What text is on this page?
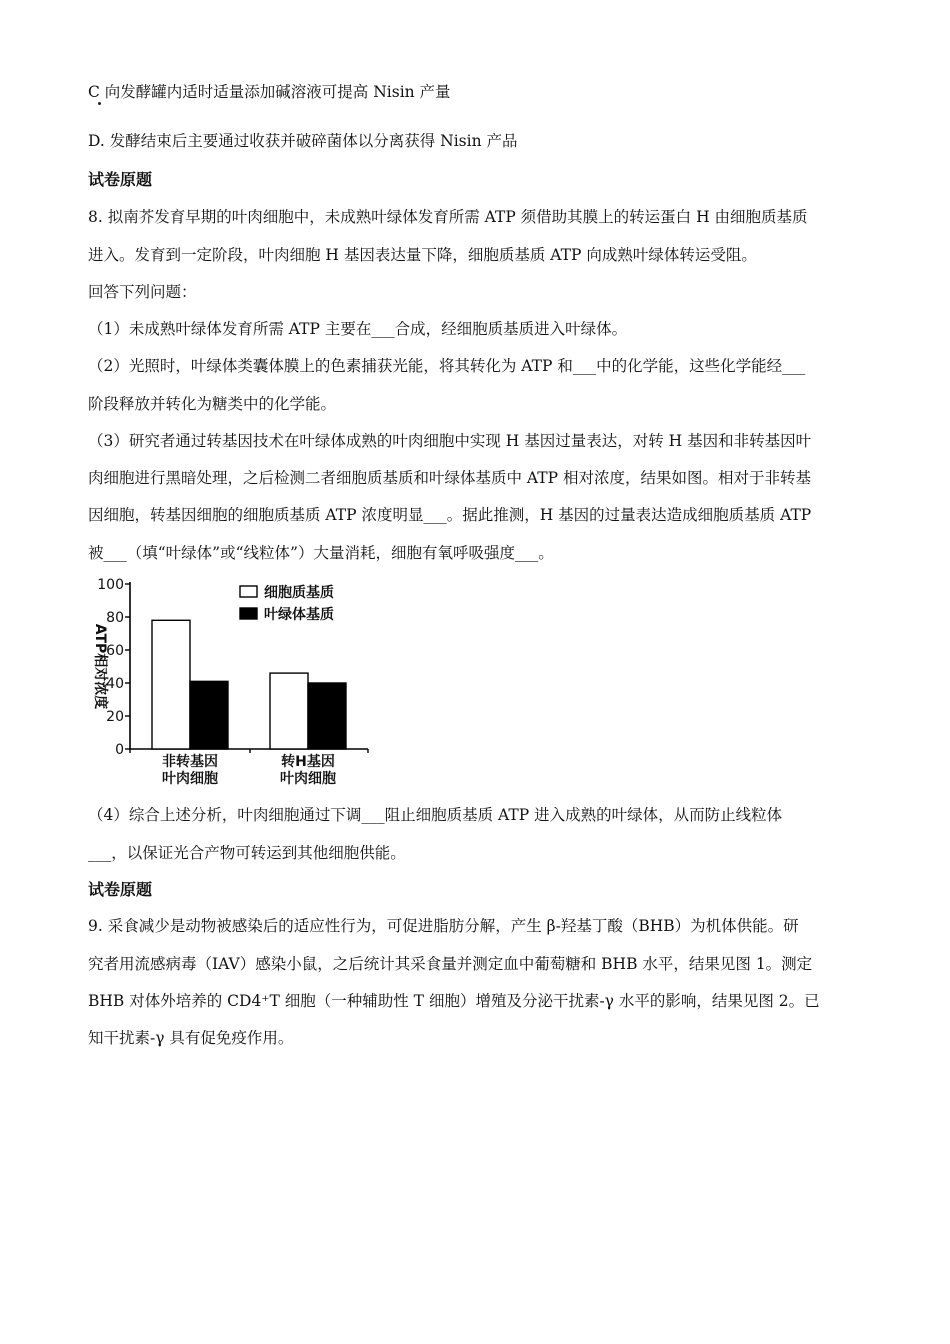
C 向发酵罐内适时适量添加碱溶液可提高 Nisin 产量
D. 发酵结束后主要通过收获并破碎菌体以分离获得 Nisin 产品
试卷原题
8. 拟南芥发育早期的叶肉细胞中，未成熟叶绿体发育所需 ATP 须借助其膜上的转运蛋白 H 由细胞质基质
进入。发育到一定阶段，叶肉细胞 H 基因表达量下降，细胞质基质 ATP 向成熟叶绿体转运受阻。
回答下列问题：
（1）未成熟叶绿体发育所需 ATP 主要在___合成，经细胞质基质进入叶绿体。
（2）光照时，叶绿体类囊体膜上的色素捕获光能，将其转化为 ATP 和___中的化学能，这些化学能经___
阶段释放并转化为糖类中的化学能。
（3）研究者通过转基因技术在叶绿体成熟的叶肉细胞中实现 H 基因过量表达，对转 H 基因和非转基因叶
肉细胞进行黑暗处理，之后检测二者细胞质基质和叶绿体基质中 ATP 相对浓度，结果如图。相对于非转基
因细胞，转基因细胞的细胞质基质 ATP 浓度明显___。据此推测，H 基因的过量表达造成细胞质基质 ATP
被___（填“叶绿体”或“线粒体”）大量消耗，细胞有氧呼吸强度___。
0
20
40
60
80
100
ATP相对浓度
非转基因
叶肉细胞
转H基因
叶肉细胞
细胞质基质
叶绿体基质
（4）综合上述分析，叶肉细胞通过下调___阻止细胞质基质 ATP 进入成熟的叶绿体，从而防止线粒体
___，以保证光合产物可转运到其他细胞供能。
试卷原题
9. 采食减少是动物被感染后的适应性行为，可促进脂肪分解，产生 β-羟基丁酸（BHB）为机体供能。研
究者用流感病毒（IAV）感染小鼠，之后统计其采食量并测定血中葡萄糖和 BHB 水平，结果见图 1。测定
BHB 对体外培养的 CD4⁺T 细胞（一种辅助性 T 细胞）增殖及分泌干扰素-γ 水平的影响，结果见图 2。已
知干扰素-γ 具有促免疫作用。
